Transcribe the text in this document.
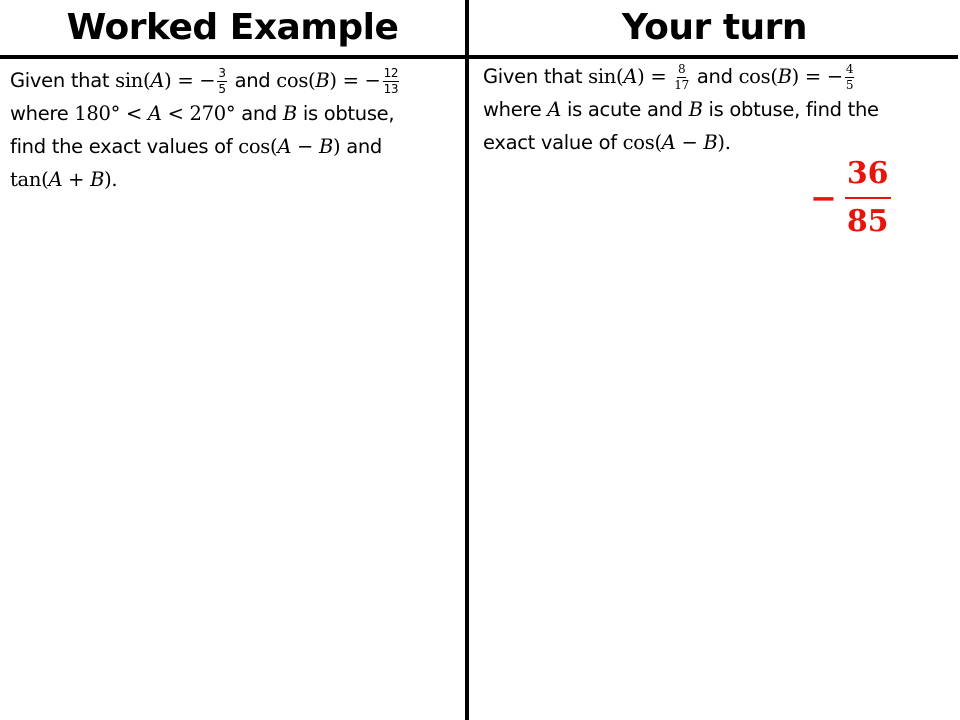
Worked Example	Your turn
Given that sin(A) = − $\frac{3}{5}$ and cos(B) = − $\frac{12}{13}$
where 180° < A < 270° and B is obtuse,
find the exact values of cos(A − B) and
tan(A + B).
Given that $\sin(A) = \frac{8}{17}$ and cos(B) = − $\frac{4}{5}$
where A is acute and B is obtuse, find the
exact value of cos(A − B).
− $\frac{36}{85}$
